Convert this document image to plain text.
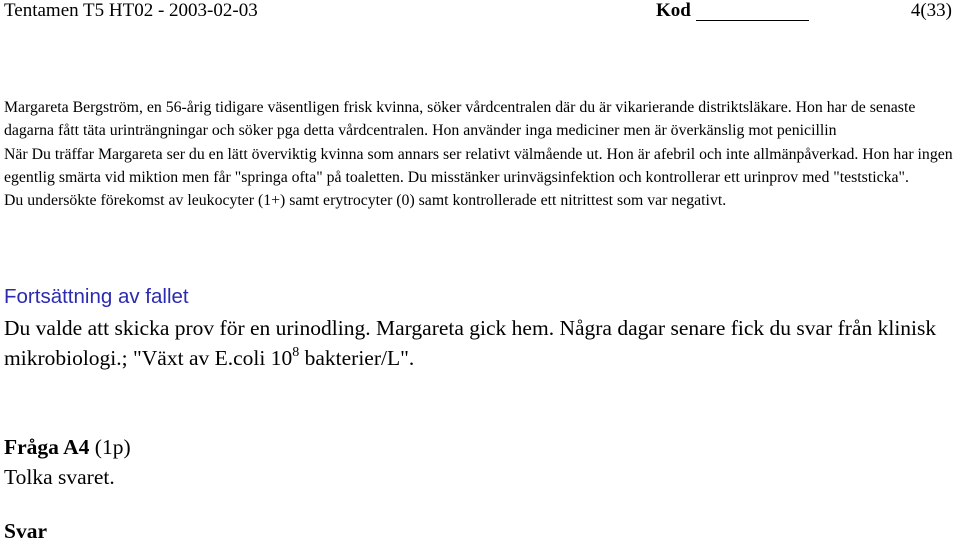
Tentamen T5 HT02 - 2003-02-03	Kod	4(33)

Margareta Bergström, en 56-årig tidigare väsentligen frisk kvinna, söker vårdcentralen där du är vikarierande distriktsläkare. Hon har de senaste dagarna fått täta urinträngningar och söker pga detta vårdcentralen. Hon använder inga mediciner men är överkänslig mot penicillin

När Du träffar Margareta ser du en lätt överviktig kvinna som annars ser relativt välmående ut. Hon är afebril och inte allmänpåverkad. Hon har ingen egentlig smärta vid miktion men får "springa ofta" på toaletten. Du misstänker urinvägsinfektion och kontrollerar ett urinprov med "teststicka".

Du undersökte förekomst av leukocyter (1+) samt erytrocyter (0) samt kontrollerade ett nitrittest som var negativt.

Fortsättning av fallet
Du valde att skicka prov för en urinodling. Margareta gick hem. Några dagar senare fick du svar från klinisk mikrobiologi.; "Växt av E.coli $10^8$ bakterier/L".
Fråga A4 (1p)
Tolka svaret.
Svar
